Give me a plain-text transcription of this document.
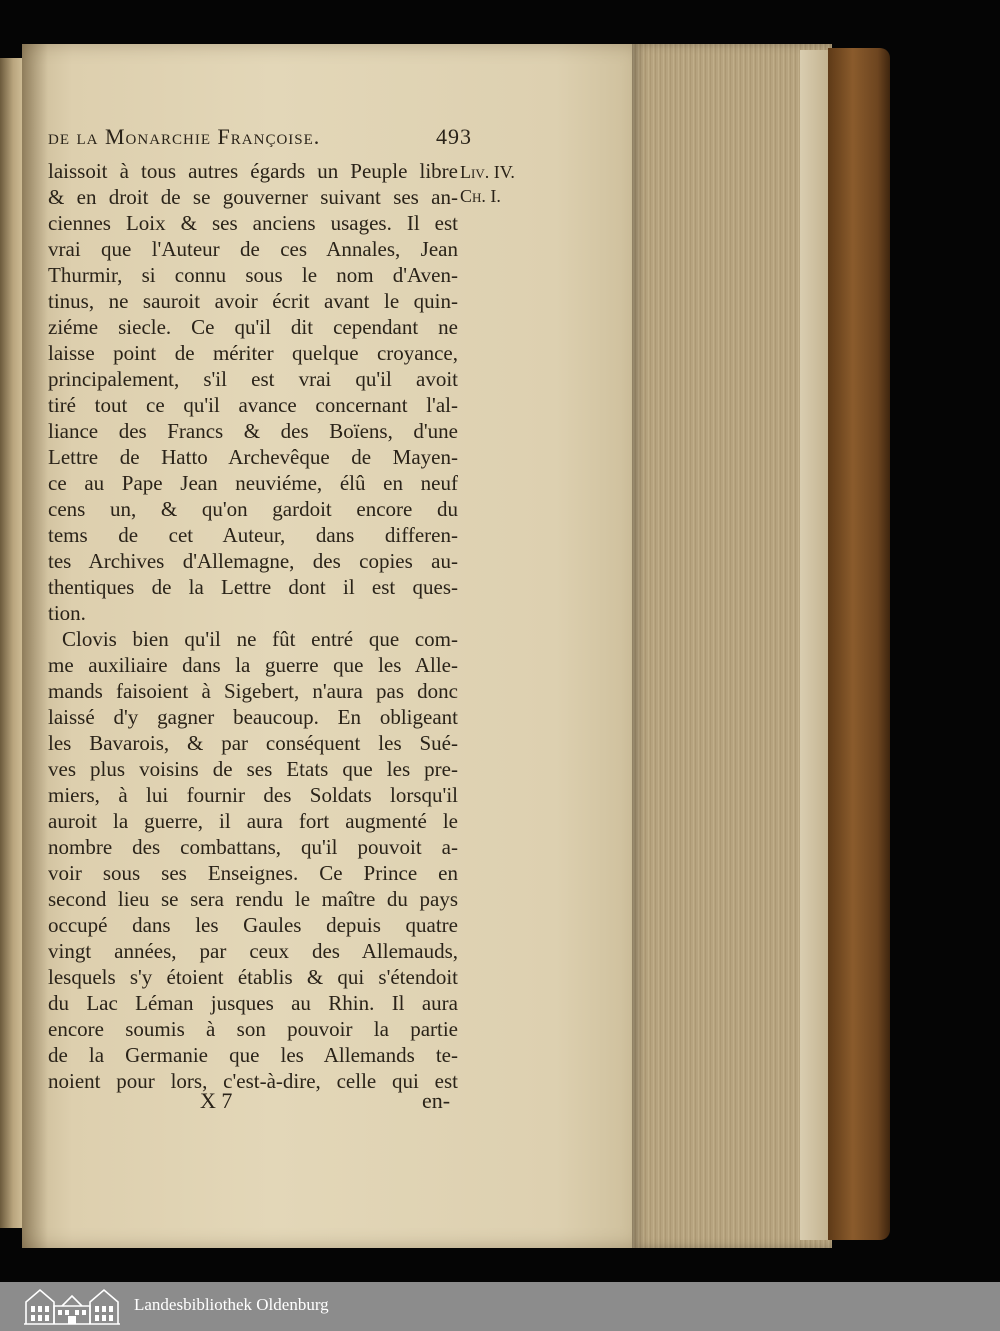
de la Monarchie Françoise.	493
laissoit à tous autres égards un Peuple libre
& en droit de se gouverner suivant ses an-
ciennes Loix & ses anciens usages. Il est
vrai que l'Auteur de ces Annales, Jean
Thurmir, si connu sous le nom d'Aven-
tinus, ne sauroit avoir écrit avant le quin-
ziéme siecle. Ce qu'il dit cependant ne
laisse point de mériter quelque croyance,
principalement, s'il est vrai qu'il avoit
tiré tout ce qu'il avance concernant l'al-
liance des Francs & des Boïens, d'une
Lettre de Hatto Archevêque de Mayen-
ce au Pape Jean neuviéme, élû en neuf
cens un, & qu'on gardoit encore du
tems de cet Auteur, dans differen-
tes Archives d'Allemagne, des copies au-
thentiques de la Lettre dont il est ques-
tion.
Clovis bien qu'il ne fût entré que com-
me auxiliaire dans la guerre que les Alle-
mands faisoient à Sigebert, n'aura pas donc
laissé d'y gagner beaucoup. En obligeant
les Bavarois, & par conséquent les Sué-
ves plus voisins de ses Etats que les pre-
miers, à lui fournir des Soldats lorsqu'il
auroit la guerre, il aura fort augmenté le
nombre des combattans, qu'il pouvoit a-
voir sous ses Enseignes. Ce Prince en
second lieu se sera rendu le maître du pays
occupé dans les Gaules depuis quatre
vingt années, par ceux des Allemauds,
lesquels s'y étoient établis & qui s'étendoit
du Lac Léman jusques au Rhin. Il aura
encore soumis à son pouvoir la partie
de la Germanie que les Allemands te-
noient pour lors, c'est-à-dire, celle qui est
Liv. IV.
Ch. I.
X 7	en-
Landesbibliothek Oldenburg
